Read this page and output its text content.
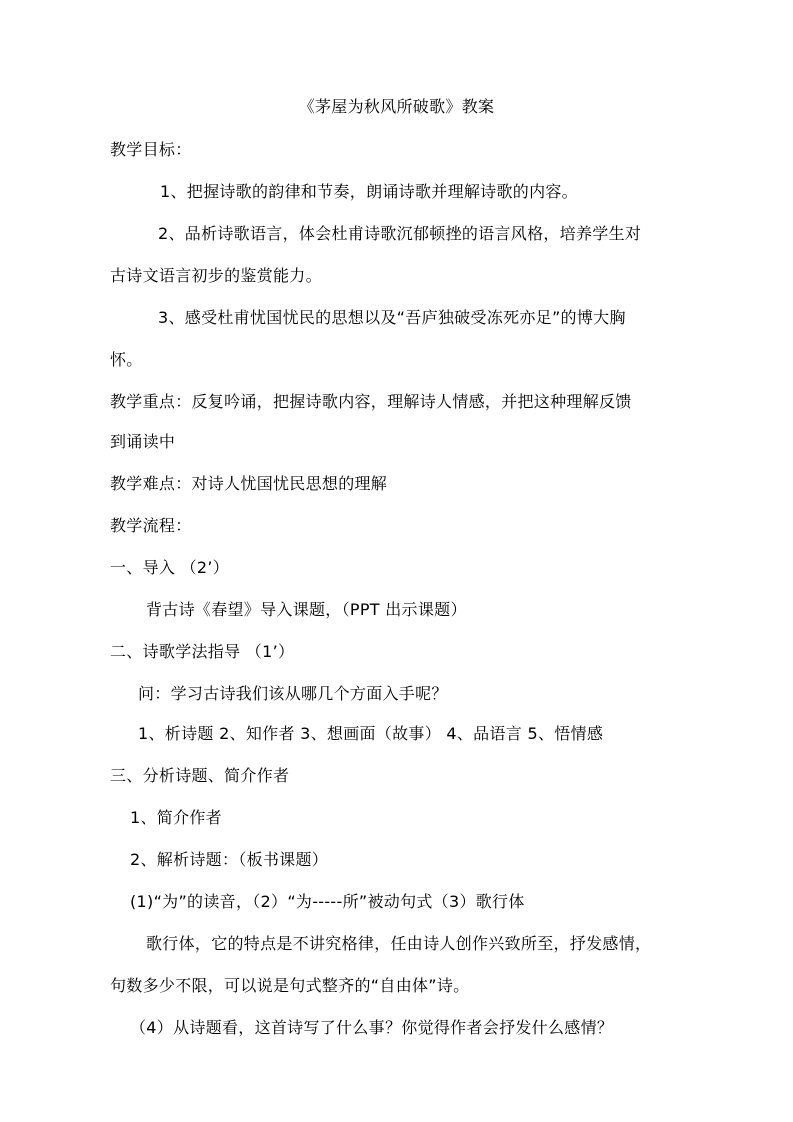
《茅屋为秋风所破歌》教案
教学目标：
1、把握诗歌的韵律和节奏，朗诵诗歌并理解诗歌的内容。
2、品析诗歌语言，体会杜甫诗歌沉郁顿挫的语言风格，培养学生对
古诗文语言初步的鉴赏能力。
3、感受杜甫忧国忧民的思想以及“吾庐独破受冻死亦足”的博大胸
怀。
教学重点：反复吟诵，把握诗歌内容，理解诗人情感，并把这种理解反馈
到诵读中
教学难点：对诗人忧国忧民思想的理解
教学流程：
一、导入 （2’）
背古诗《春望》导入课题，（PPT 出示课题）
二、诗歌学法指导 （1’）
问：学习古诗我们该从哪几个方面入手呢？
1、析诗题 2、知作者 3、想画面（故事） 4、品语言 5、悟情感
三、分析诗题、简介作者
1、简介作者
2、解析诗题：（板书课题）
(1)“为”的读音，（2）“为-----所”被动句式（3）歌行体
歌行体，它的特点是不讲究格律，任由诗人创作兴致所至，抒发感情，
句数多少不限，可以说是句式整齐的“自由体”诗。
（4）从诗题看，这首诗写了什么事？你觉得作者会抒发什么感情？
